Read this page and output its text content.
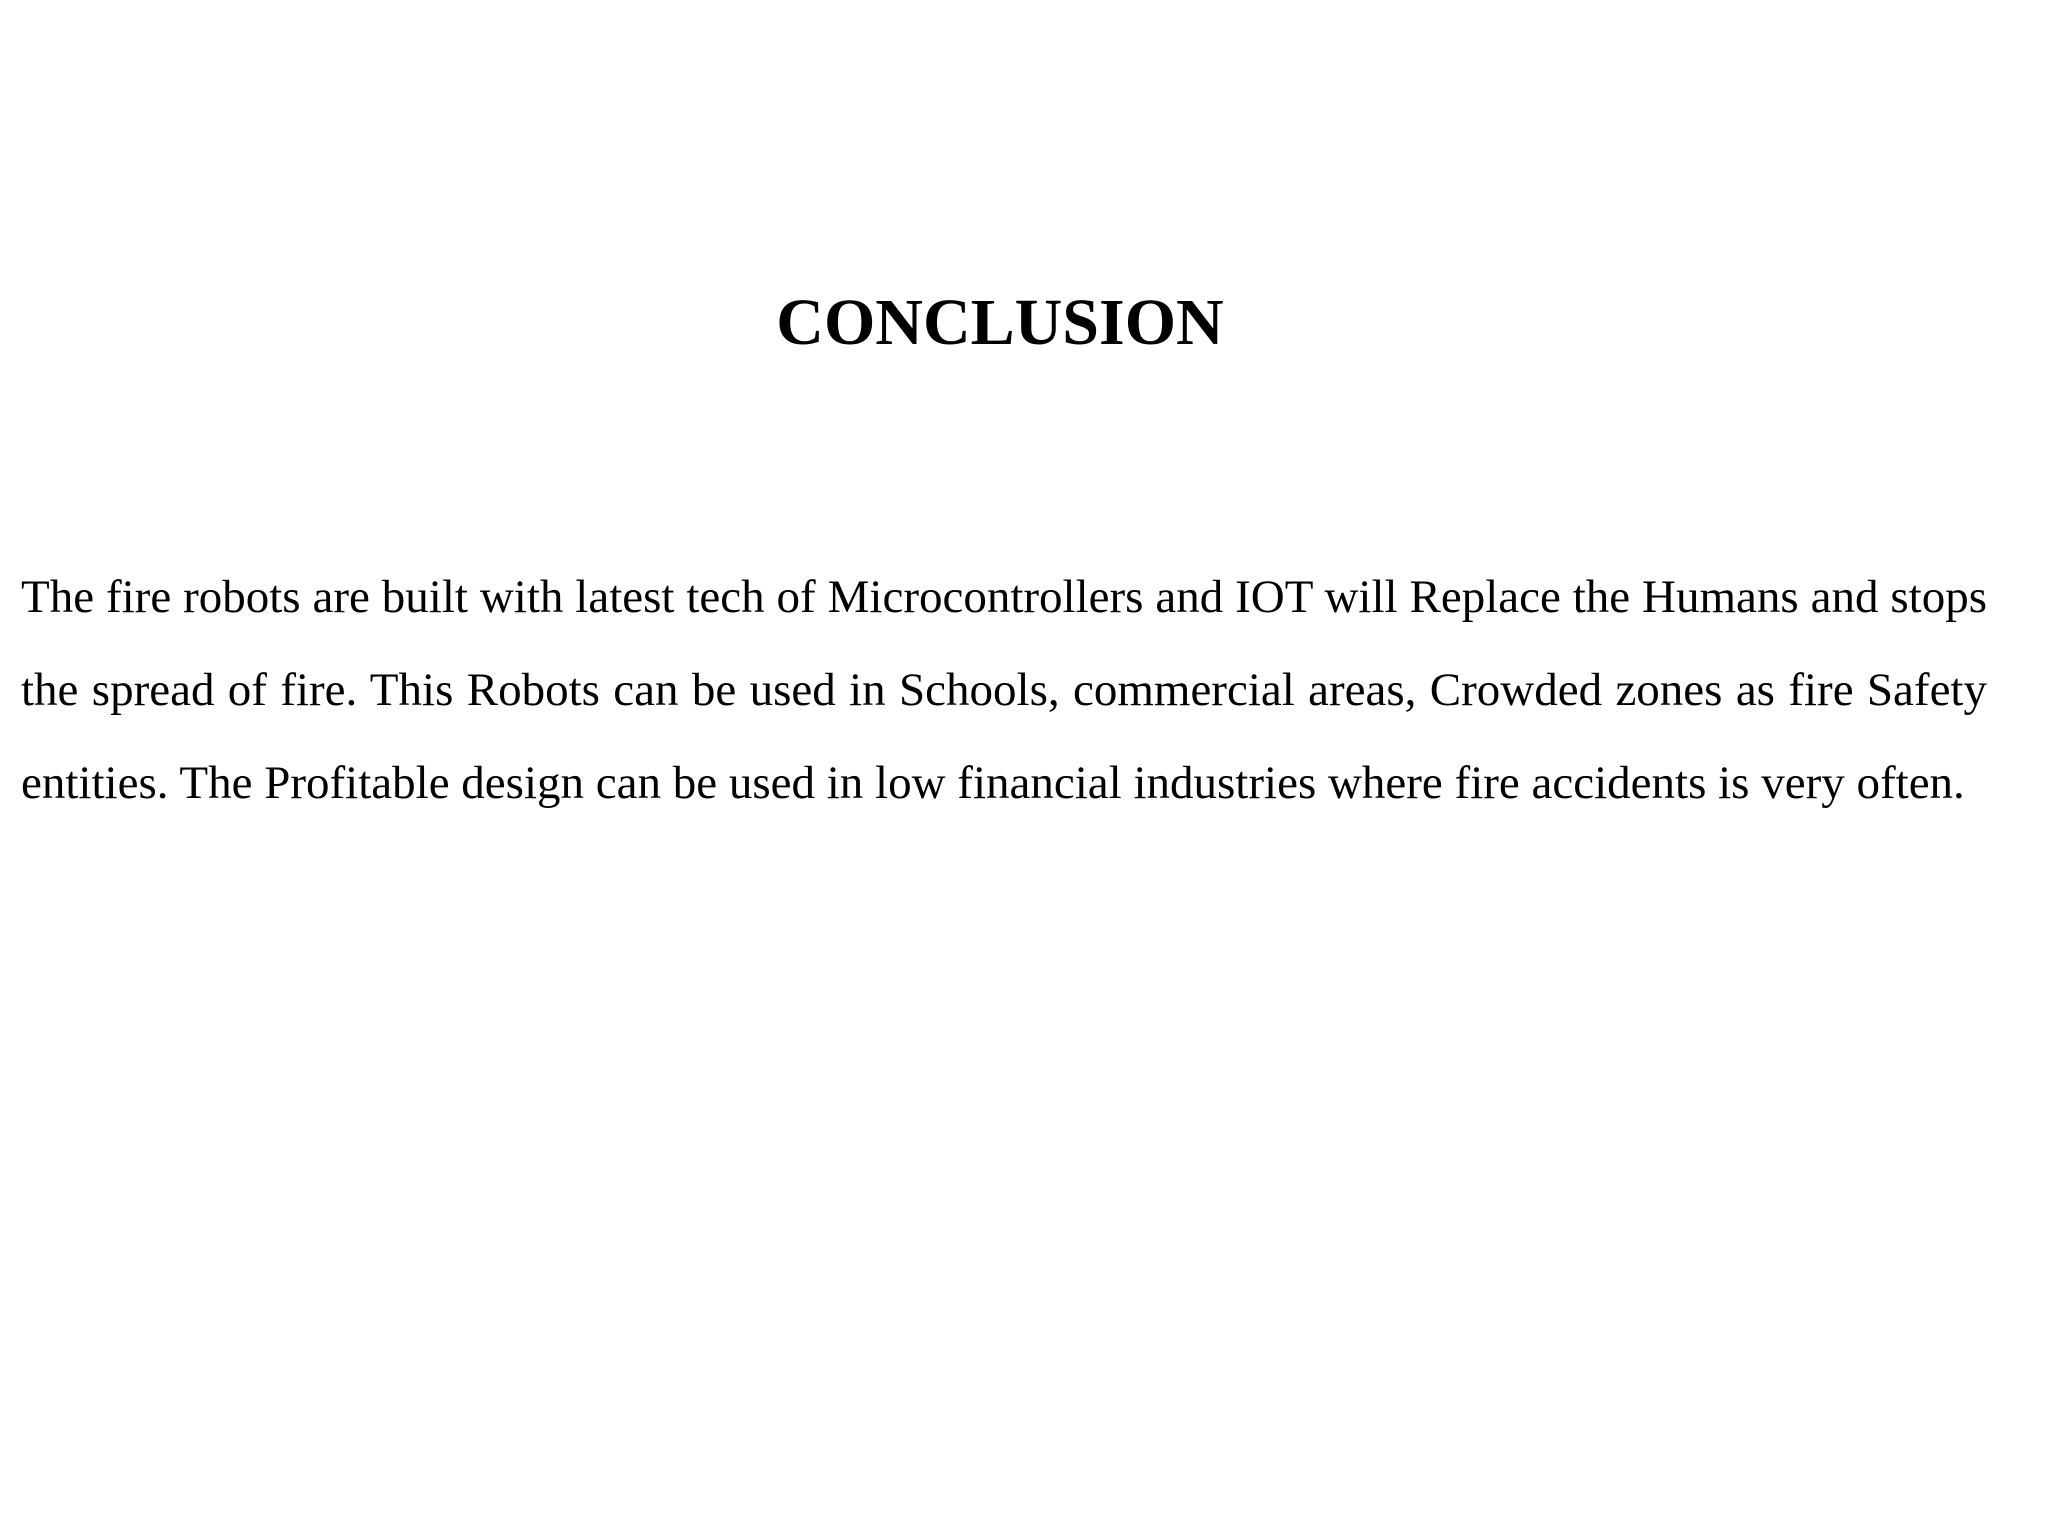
CONCLUSION

The fire robots are built with latest tech of Microcontrollers and IOT will Replace the Humans and stops the spread of fire. This Robots can be used in Schools, commercial areas, Crowded zones as fire Safety entities. The Profitable design can be used in low financial industries where fire accidents is very often.
